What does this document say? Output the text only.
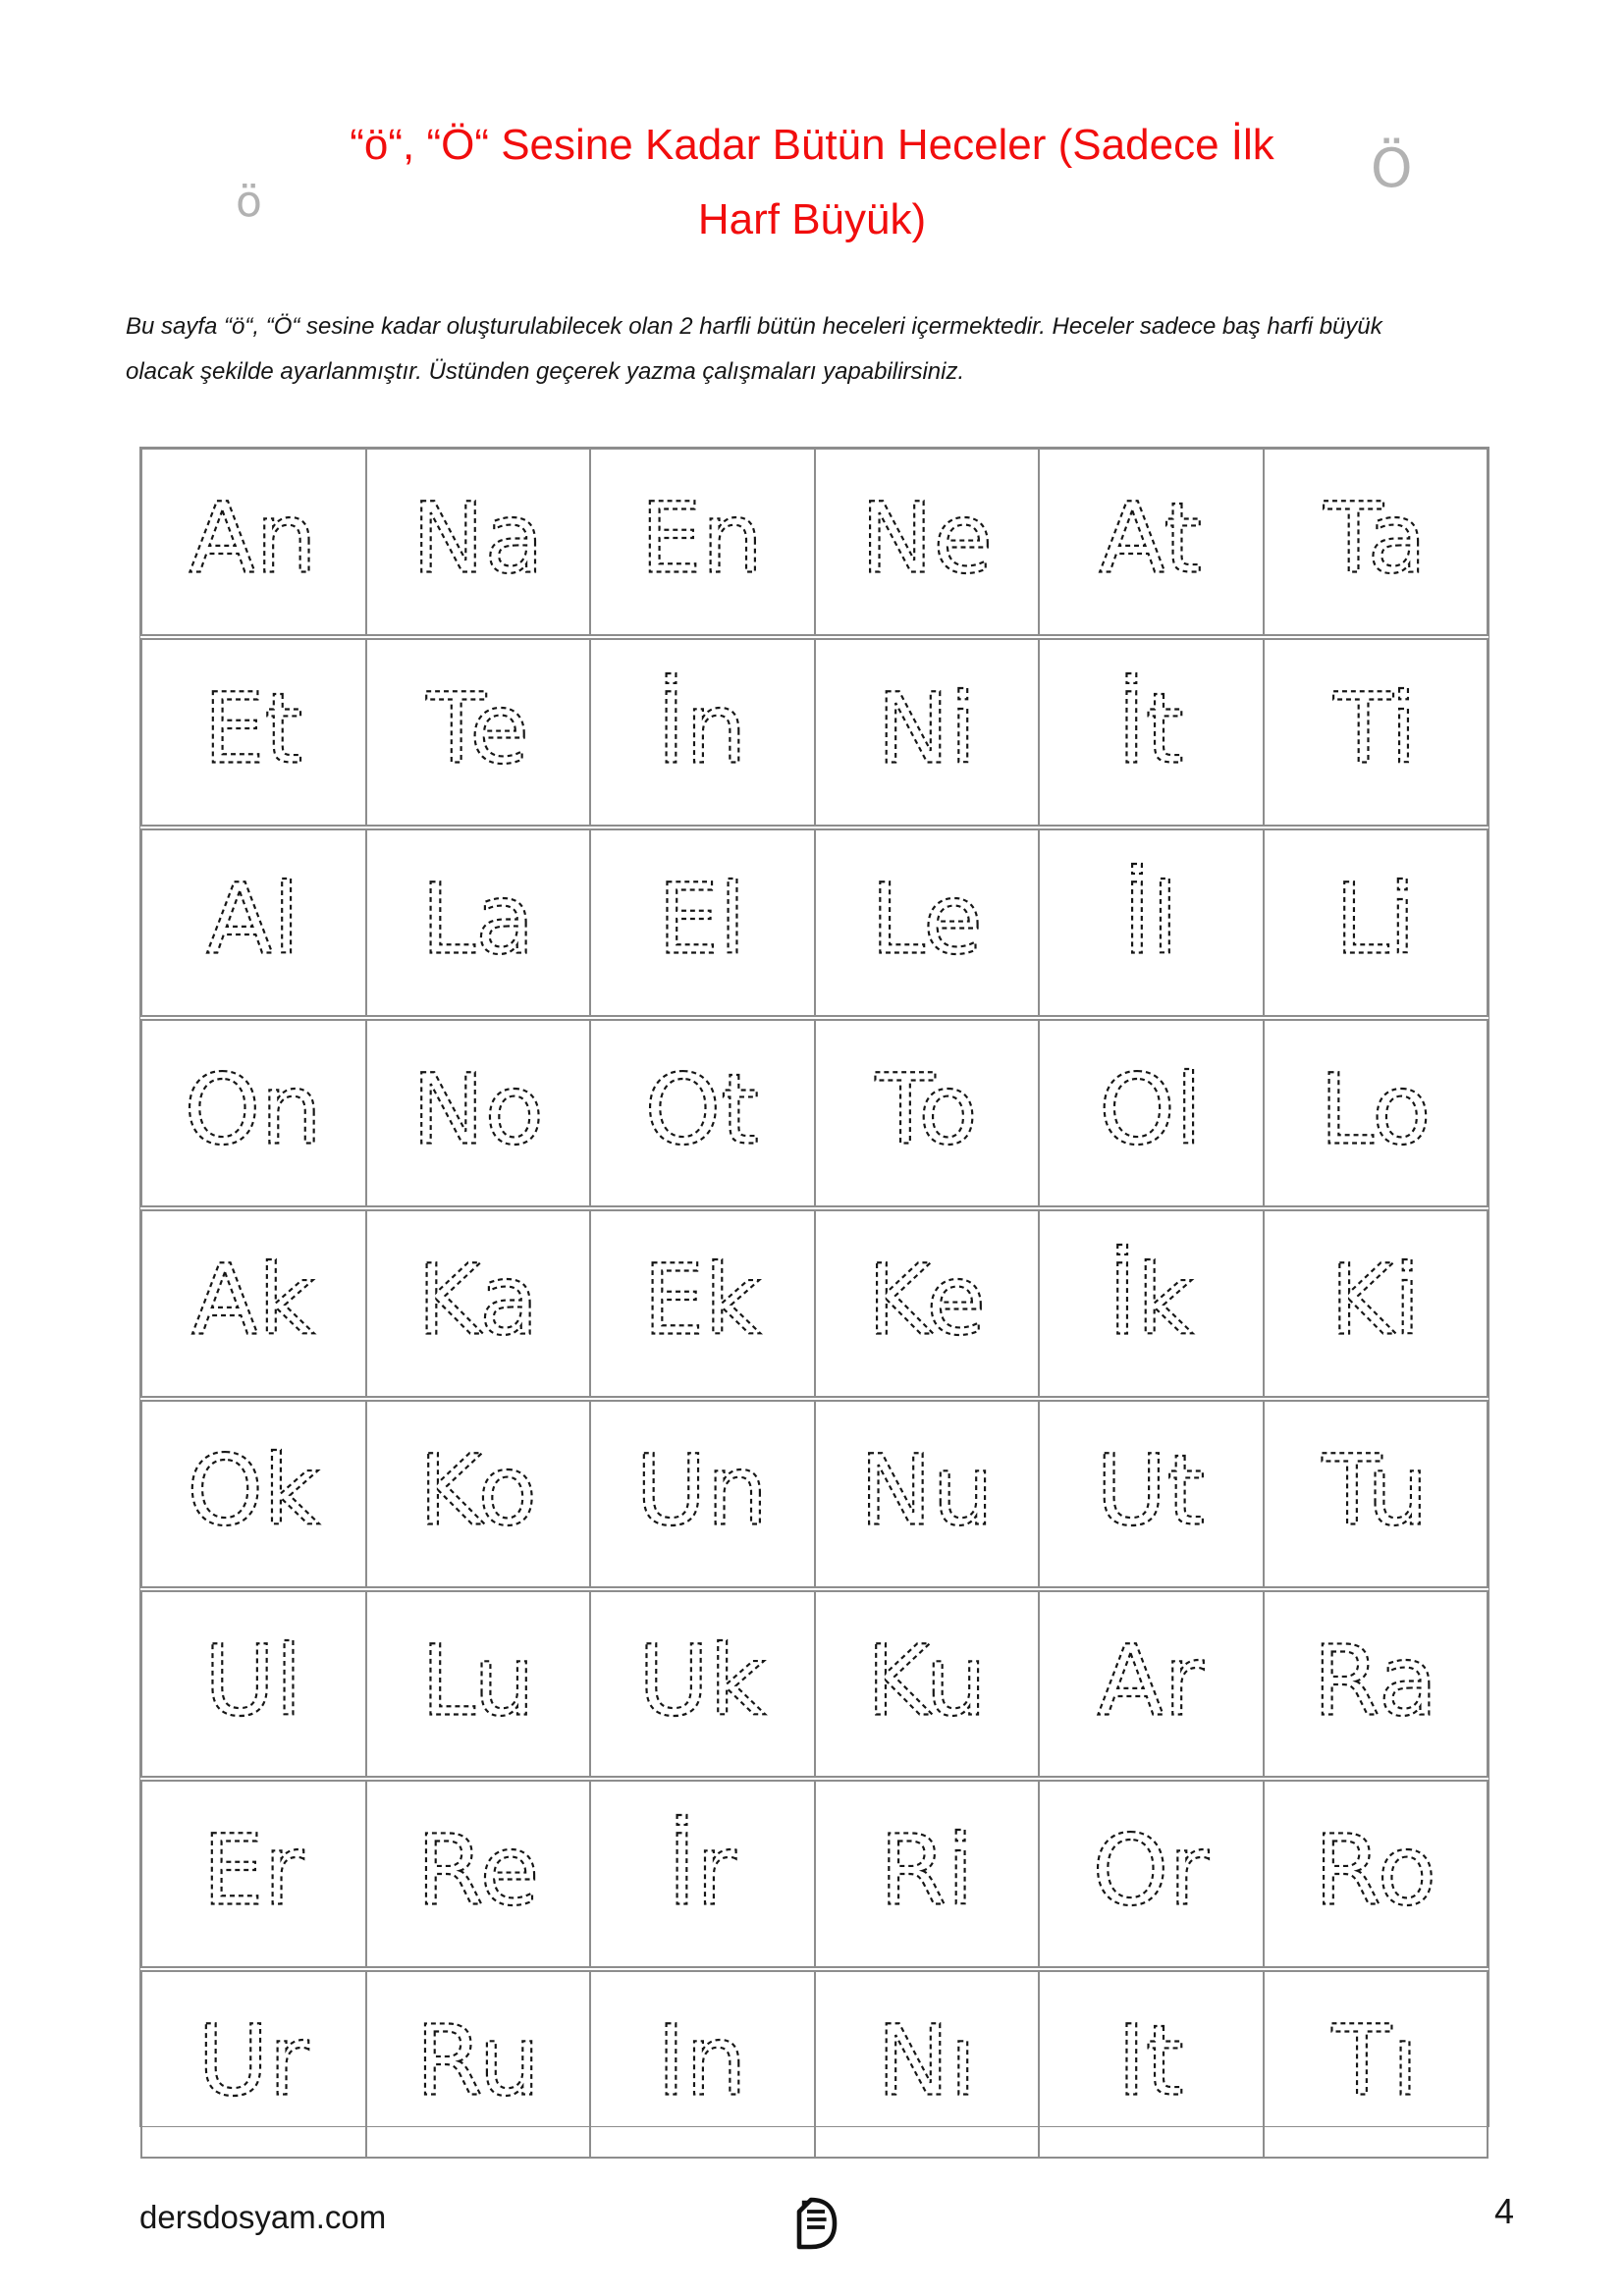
“ö“, “Ö“ Sesine Kadar Bütün Heceler (Sadece İlk
Harf Büyük)
ö
Ö
Bu sayfa “ö“, “Ö“ sesine kadar oluşturulabilecek olan 2 harfli bütün heceleri içermektedir. Heceler sadece baş harfi büyük
olacak şekilde ayarlanmıştır. Üstünden geçerek yazma çalışmaları yapabilirsiniz.
An Na En Ne At Ta
Et Te İn Ni İt Ti
Al La El Le İl Li
On No Ot To Ol Lo
Ak Ka Ek Ke İk Ki
Ok Ko Un Nu Ut Tu
Ul Lu Uk Ku Ar Ra
Er Re İr Ri Or Ro
Ur Ru In Nı It Tı
dersdosyam.com	4
